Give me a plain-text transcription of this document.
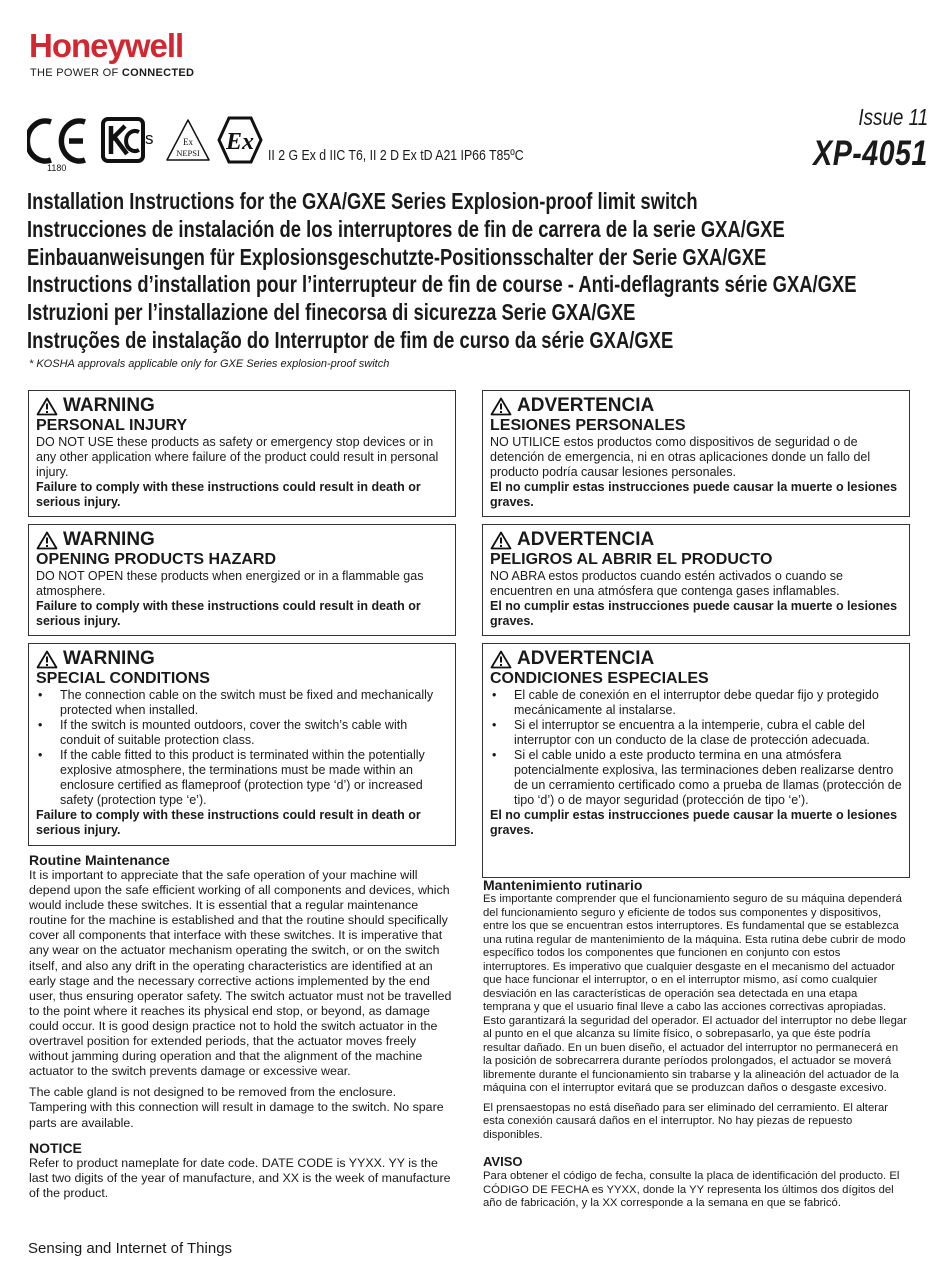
Honeywell
THE POWER OF CONNECTED
Issue 11
XP-4051
s	Ex
NEPSI Ex
1180
II 2 G Ex d IIC T6, II 2 D Ex tD A21 IP66 T85ºC
Installation Instructions for the GXA/GXE Series Explosion-proof limit switch
Instrucciones de instalación de los interruptores de fin de carrera de la serie GXA/GXE
Einbauanweisungen für Explosionsgeschutzte-Positionsschalter der Serie GXA/GXE
Instructions d’installation pour l’interrupteur de fin de course - Anti-deflagrants série GXA/GXE
Istruzioni per l’installazione del finecorsa di sicurezza Serie GXA/GXE
Instruções de instalação do Interruptor de fim de curso da série GXA/GXE
* KOSHA approvals applicable only for GXE Series explosion-proof switch
WARNING
PERSONAL INJURY
DO NOT USE these products as safety or emergency stop devices or in any other application where failure of the product could result in personal injury.
Failure to comply with these instructions could result in death or serious injury.
WARNING
OPENING PRODUCTS HAZARD
DO NOT OPEN these products when energized or in a flammable gas atmosphere.
Failure to comply with these instructions could result in death or serious injury.
WARNING
SPECIAL CONDITIONS
• The connection cable on the switch must be fixed and mechanically protected when installed.
• If the switch is mounted outdoors, cover the switch’s cable with conduit of suitable protection class.
• If the cable fitted to this product is terminated within the potentially explosive atmosphere, the terminations must be made within an enclosure certified as flameproof (protection type ‘d’) or increased safety (protection type ‘e’).
Failure to comply with these instructions could result in death or serious injury.
ADVERTENCIA
LESIONES PERSONALES
NO UTILICE estos productos como dispositivos de seguridad o de detención de emergencia, ni en otras aplicaciones donde un fallo del producto podría causar lesiones personales.
El no cumplir estas instrucciones puede causar la muerte o lesiones graves.
ADVERTENCIA
PELIGROS AL ABRIR EL PRODUCTO
NO ABRA estos productos cuando estén activados o cuando se encuentren en una atmósfera que contenga gases inflamables.
El no cumplir estas instrucciones puede causar la muerte o lesiones graves.
ADVERTENCIA
CONDICIONES ESPECIALES
• El cable de conexión en el interruptor debe quedar fijo y protegido mecánicamente al instalarse.
• Si el interruptor se encuentra a la intemperie, cubra el cable del interruptor con un conducto de la clase de protección adecuada.
• Si el cable unido a este producto termina en una atmósfera potencialmente explosiva, las terminaciones deben realizarse dentro de un cerramiento certificado como a prueba de llamas (protección de tipo ‘d’) o de mayor seguridad (protección de tipo ‘e’).
El no cumplir estas instrucciones puede causar la muerte o lesiones graves.
Routine Maintenance

It is important to appreciate that the safe operation of your machine will depend upon the safe efficient working of all components and devices, which would include these switches. It is essential that a regular maintenance routine for the machine is established and that the routine should specifically cover all components that interface with these switches. It is imperative that any wear on the actuator mechanism operating the switch, or on the switch itself, and also any drift in the operating characteristics are identified at an early stage and the necessary corrective actions implemented by the end user, thus ensuring operator safety. The switch actuator must not be travelled to the point where it reaches its physical end stop, or beyond, as damage could occur. It is good design practice not to hold the switch actuator in the overtravel position for extended periods, that the actuator moves freely without jamming during operation and that the alignment of the machine actuator to the switch prevents damage or excessive wear.

The cable gland is not designed to be removed from the enclosure. Tampering with this connection will result in damage to the switch. No spare parts are available.

NOTICE

Refer to product nameplate for date code. DATE CODE is YYXX. YY is the last two digits of the year of manufacture, and XX is the week of manufacture of the product.

Mantenimiento rutinario

Es importante comprender que el funcionamiento seguro de su máquina dependerá del funcionamiento seguro y eficiente de todos sus componentes y dispositivos, entre los que se encuentran estos interruptores. Es fundamental que se establezca una rutina regular de mantenimiento de la máquina. Esta rutina debe cubrir de modo específico todos los componentes que funcionen en conjunto con estos interruptores. Es imperativo que cualquier desgaste en el mecanismo del actuador que hace funcionar el interruptor, o en el interruptor mismo, así como cualquier desviación en las características de operación sea detectada en una etapa temprana y que el usuario final lleve a cabo las acciones correctivas apropiadas. Esto garantizará la seguridad del operador. El actuador del interruptor no debe llegar al punto en el que alcanza su límite físico, o sobrepasarlo, ya que éste podría resultar dañado. En un buen diseño, el actuador del interruptor no permanecerá en la posición de sobrecarrera durante períodos prolongados, el actuador se moverá libremente durante el funcionamiento sin trabarse y la alineación del actuador de la máquina con el interruptor evitará que se produzcan daños o desgaste excesivo.

El prensaestopas no está diseñado para ser eliminado del cerramiento. El alterar esta conexión causará daños en el interruptor. No hay piezas de repuesto disponibles.

AVISO

Para obtener el código de fecha, consulte la placa de identificación del producto. El CÓDIGO DE FECHA es YYXX, donde la YY representa los últimos dos dígitos del año de fabricación, y la XX corresponde a la semana en que se fabricó.

Sensing and Internet of Things
